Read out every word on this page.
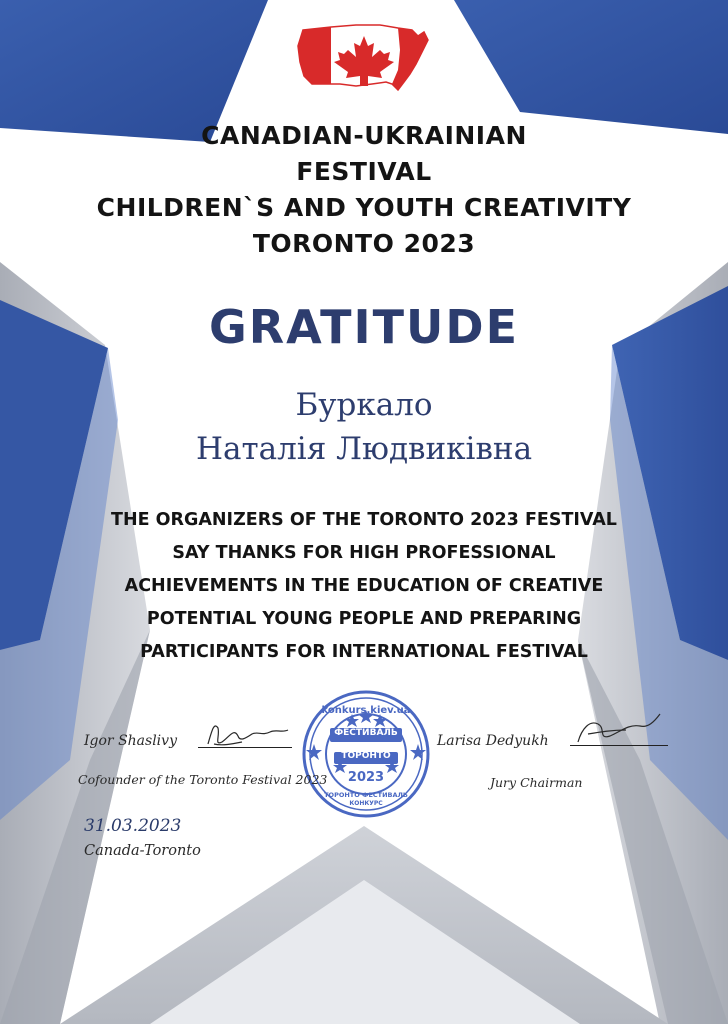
konkurs.kiev.ua
ФЕСТИВАЛЬ
ТОРОНТО
2023
ТОРОНТО ФЕСТИВАЛЬ
КОНКУРС
CANADIAN-UKRAINIAN
FESTIVAL
CHILDREN`S AND YOUTH CREATIVITY
TORONTO 2023
GRATITUDE
Буркало
Наталія Людвиківна
THE ORGANIZERS OF THE TORONTO 2023 FESTIVAL
SAY THANKS FOR HIGH PROFESSIONAL
ACHIEVEMENTS IN THE EDUCATION OF CREATIVE
POTENTIAL YOUNG PEOPLE AND PREPARING
PARTICIPANTS FOR INTERNATIONAL FESTIVAL
Igor Shaslivy
Cofounder of the Toronto Festival 2023
Larisa Dedyukh
Jury Chairman
31.03.2023
Canada-Toronto
